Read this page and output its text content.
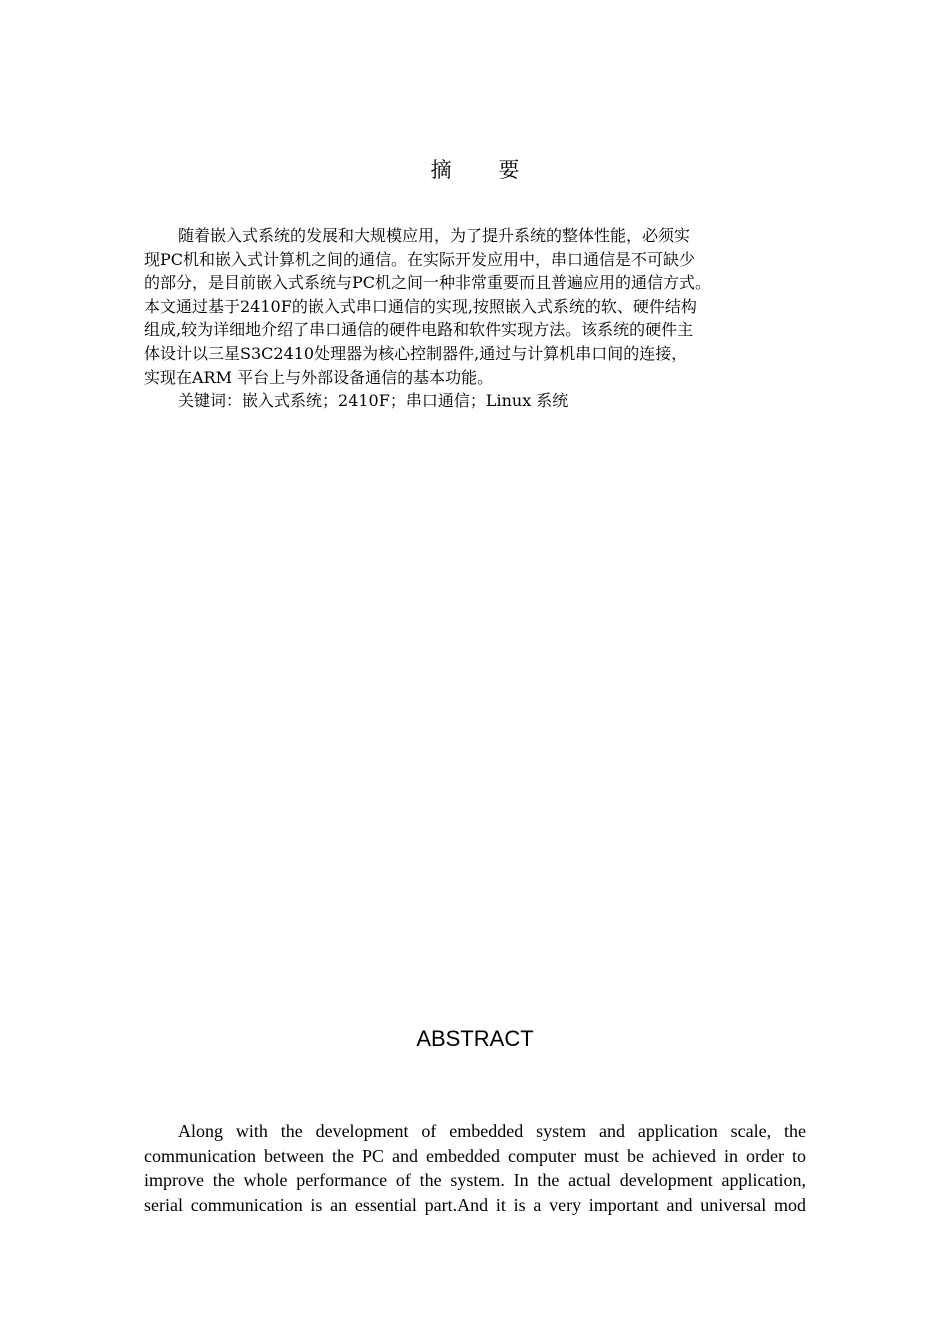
摘 要
随着嵌入式系统的发展和大规模应用，为了提升系统的整体性能，必须实
现PC机和嵌入式计算机之间的通信。在实际开发应用中，串口通信是不可缺少
的部分，是目前嵌入式系统与PC机之间一种非常重要而且普遍应用的通信方式。
本文通过基于2410F的嵌入式串口通信的实现,按照嵌入式系统的软、硬件结构
组成,较为详细地介绍了串口通信的硬件电路和软件实现方法。该系统的硬件主
体设计以三星S3C2410处理器为核心控制器件,通过与计算机串口间的连接，
实现在ARM 平台上与外部设备通信的基本功能。
关键词：嵌入式系统；2410F；串口通信；Linux 系统
ABSTRACT
Along with the development of embedded system and application scale, the
communication between the PC and embedded computer must be achieved in order to
improve the whole performance of the system. In the actual development application,
serial communication is an essential part.And it is a very important and universal mod
